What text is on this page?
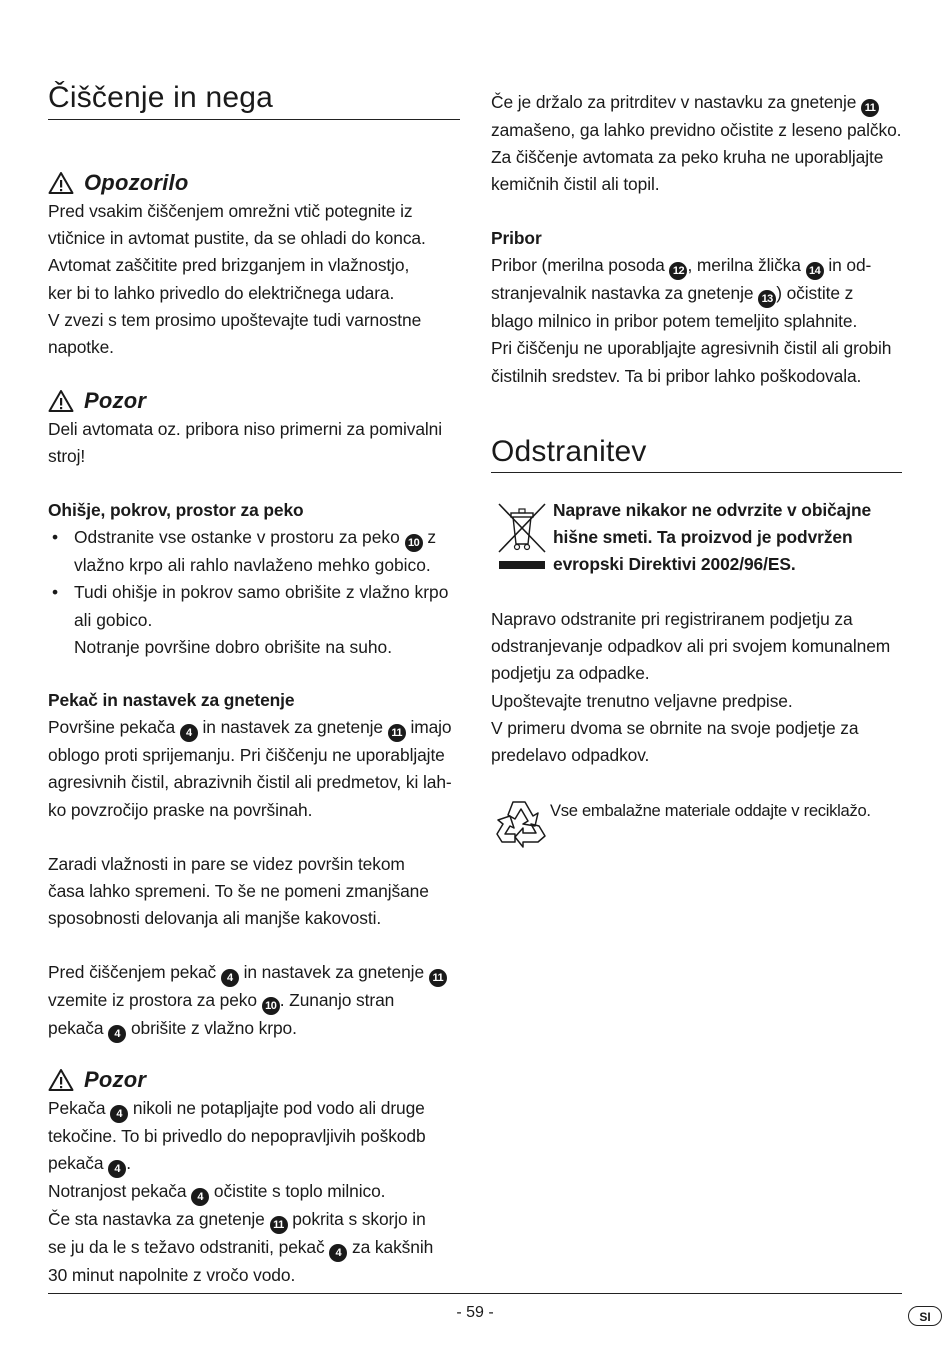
Čiščenje in nega
Opozorilo

Pred vsakim čiščenjem omrežni vtič potegnite iz

vtičnice in avtomat pustite, da se ohladi do konca.

Avtomat zaščitite pred brizganjem in vlažnostjo,

ker bi to lahko privedlo do električnega udara.

V zvezi s tem prosimo upoštevajte tudi varnostne

napotke.

Pozor

Deli avtomata oz. pribora niso primerni za pomivalni

stroj!

Ohišje, pokrov, prostor za peko

• Odstranite vse ostanke v prostoru za peko 10 z
vlažno krpo ali rahlo navlaženo mehko gobico.
• Tudi ohišje in pokrov samo obrišite z vlažno krpo
ali gobico.
Notranje površine dobro obrišite na suho.

Pekač in nastavek za gnetenje

Površine pekača 4 in nastavek za gnetenje 11 imajo
oblogo proti sprijemanju. Pri čiščenju ne uporabljajte
agresivnih čistil, abrazivnih čistil ali predmetov, ki lah-
ko povzročijo praske na površinah.

Zaradi vlažnosti in pare se videz površin tekom

časa lahko spremeni. To še ne pomeni zmanjšane

sposobnosti delovanja ali manjše kakovosti.

Pred čiščenjem pekač 4 in nastavek za gnetenje 11
vzemite iz prostora za peko 10 . Zunanjo stran
pekača 4 obrišite z vlažno krpo.

Pozor

Pekača 4 nikoli ne potapljajte pod vodo ali druge

tekočine. To bi privedlo do nepopravljivih poškodb

pekača 4 .

Notranjost pekača 4 očistite s toplo milnico.

Če sta nastavka za gnetenje 11 pokrita s skorjo in

se ju da le s težavo odstraniti, pekač 4 za kakšnih

30 minut napolnite z vročo vodo.

Če je držalo za pritrditev v nastavku za gnetenje 11

zamašeno, ga lahko previdno očistite z leseno palčko.

Za čiščenje avtomata za peko kruha ne uporabljajte

kemičnih čistil ali topil.

Pribor

Pribor (merilna posoda 12 , merilna žlička 14 in od-

stranjevalnik nastavka za gnetenje 13 ) očistite z

blago milnico in pribor potem temeljito splahnite.

Pri čiščenju ne uporabljajte agresivnih čistil ali grobih

čistilnih sredstev. Ta bi pribor lahko poškodovala.

Odstranitev

Naprave nikakor ne odvrzite v običajne

hišne smeti. Ta proizvod je podvržen

evropski Direktivi 2002/96/ES.

Napravo odstranite pri registriranem podjetju za

odstranjevanje odpadkov ali pri svojem komunalnem

podjetju za odpadke.

Upoštevajte trenutno veljavne predpise.

V primeru dvoma se obrnite na svoje podjetje za

predelavo odpadkov.

Vse embalažne materiale oddajte v reciklažo.

- 59 -	SI
